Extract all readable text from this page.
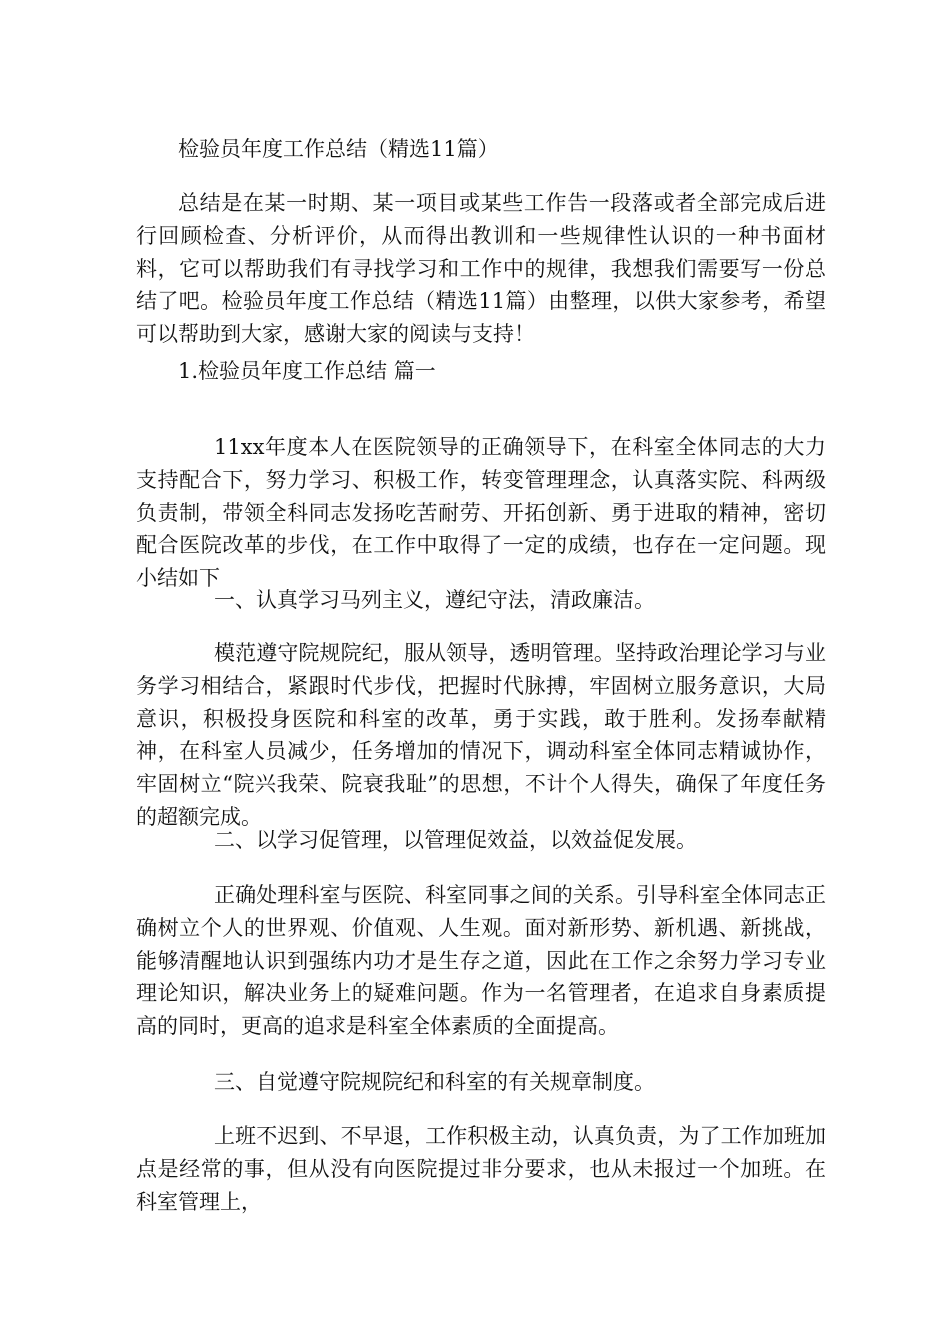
检验员年度工作总结（精选11篇）

总结是在某一时期、某一项目或某些工作告一段落或者全部完成后进行回顾检查、分析评价，从而得出教训和一些规律性认识的一种书面材料，它可以帮助我们有寻找学习和工作中的规律，我想我们需要写一份总结了吧。检验员年度工作总结（精选11篇）由整理，以供大家参考，希望可以帮助到大家，感谢大家的阅读与支持！

1.检验员年度工作总结 篇一

11xx年度本人在医院领导的正确领导下，在科室全体同志的大力支持配合下，努力学习、积极工作，转变管理理念，认真落实院、科两级负责制，带领全科同志发扬吃苦耐劳、开拓创新、勇于进取的精神，密切配合医院改革的步伐，在工作中取得了一定的成绩，也存在一定问题。现小结如下

一、认真学习马列主义，遵纪守法，清政廉洁。

模范遵守院规院纪，服从领导，透明管理。坚持政治理论学习与业务学习相结合，紧跟时代步伐，把握时代脉搏，牢固树立服务意识，大局意识，积极投身医院和科室的改革，勇于实践，敢于胜利。发扬奉献精神，在科室人员减少，任务增加的情况下，调动科室全体同志精诚协作，牢固树立“院兴我荣、院衰我耻”的思想，不计个人得失，确保了年度任务的超额完成。

二、以学习促管理，以管理促效益，以效益促发展。

正确处理科室与医院、科室同事之间的关系。引导科室全体同志正确树立个人的世界观、价值观、人生观。面对新形势、新机遇、新挑战，能够清醒地认识到强练内功才是生存之道，因此在工作之余努力学习专业理论知识，解决业务上的疑难问题。作为一名管理者，在追求自身素质提高的同时，更高的追求是科室全体素质的全面提高。

三、自觉遵守院规院纪和科室的有关规章制度。

上班不迟到、不早退，工作积极主动，认真负责，为了工作加班加点是经常的事，但从没有向医院提过非分要求，也从未报过一个加班。在科室管理上，
